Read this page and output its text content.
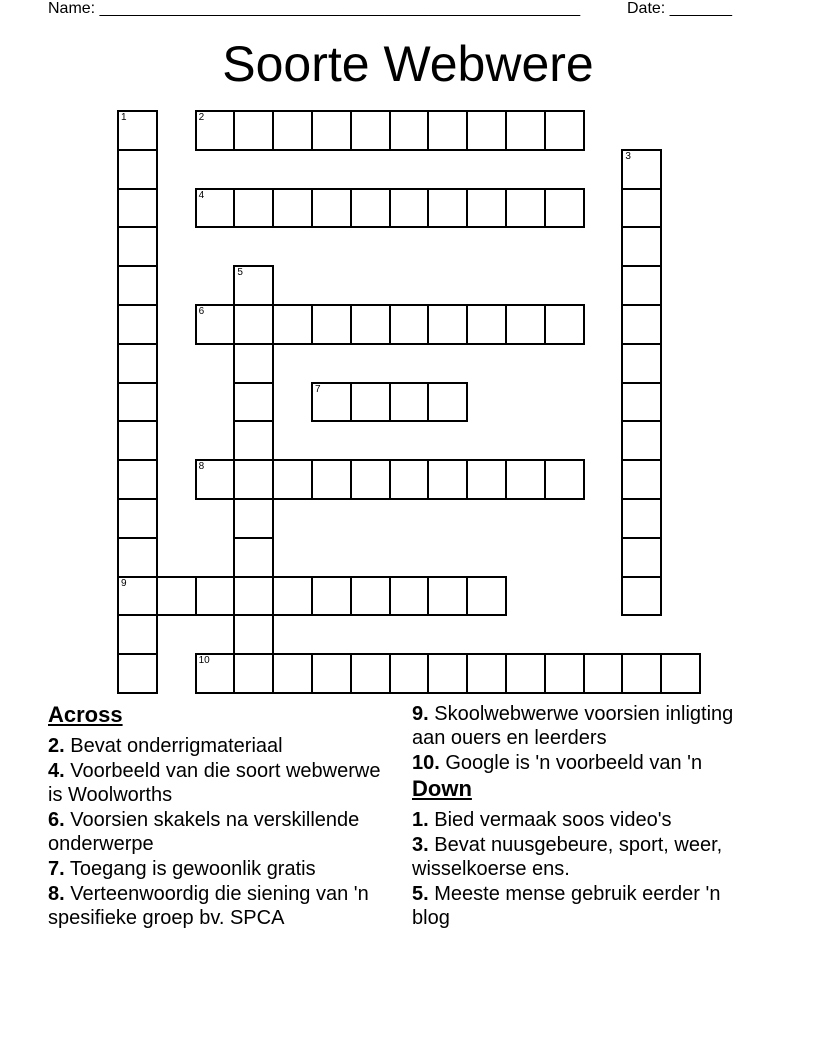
Name: ______________________________________________________	Date: _______
Soorte Webwere
1
9
2
3
4
5
6
7
8
10
Across
2. Bevat onderrigmateriaal
4. Voorbeeld van die soort webwerwe is Woolworths
6. Voorsien skakels na verskillende onderwerpe
7. Toegang is gewoonlik gratis
8. Verteenwoordig die siening van 'n spesifieke groep bv. SPCA
9. Skoolwebwerwe voorsien inligting aan ouers en leerders
10. Google is 'n voorbeeld van 'n
Down
1. Bied vermaak soos video's
3. Bevat nuusgebeure, sport, weer, wisselkoerse ens.
5. Meeste mense gebruik eerder 'n blog
